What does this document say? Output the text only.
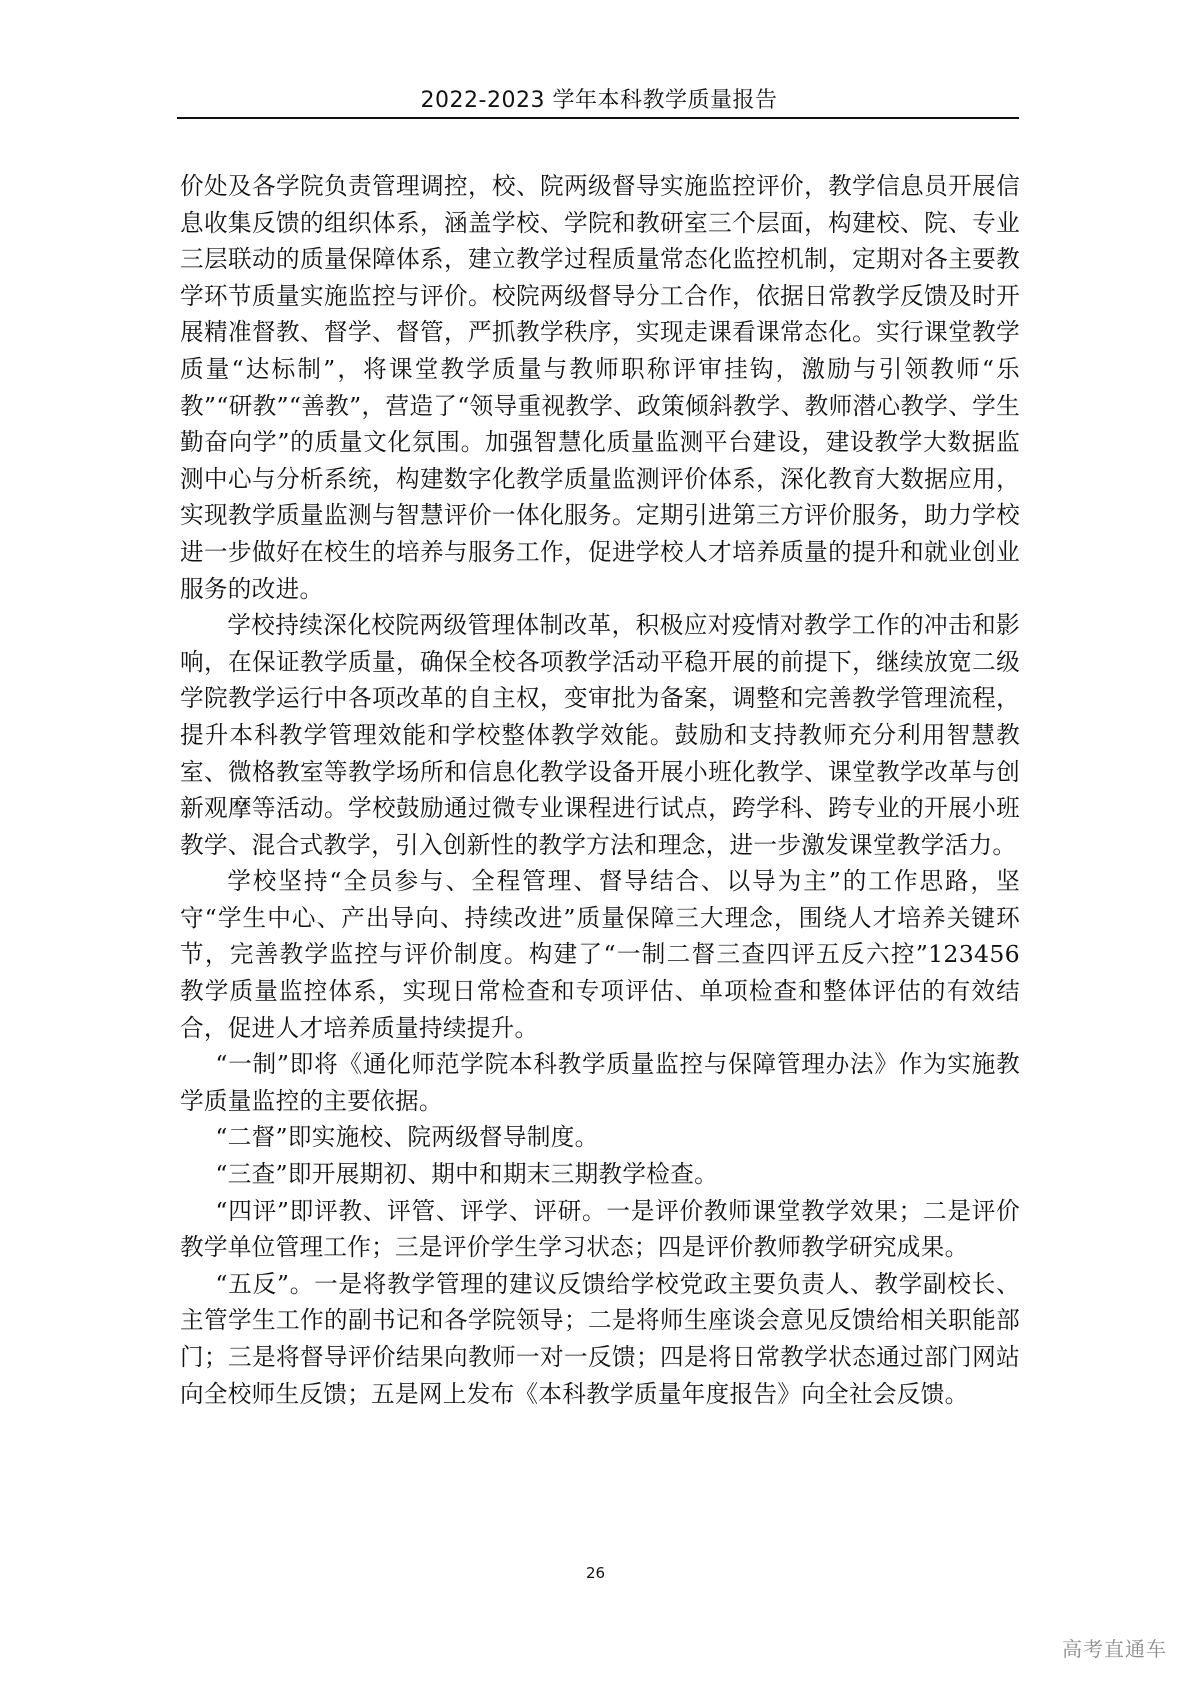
2022-2023 学年本科教学质量报告

价处及各学院负责管理调控，校、院两级督导实施监控评价，教学信息员开展信息收集反馈的组织体系，涵盖学校、学院和教研室三个层面，构建校、院、专业三层联动的质量保障体系，建立教学过程质量常态化监控机制，定期对各主要教学环节质量实施监控与评价。校院两级督导分工合作，依据日常教学反馈及时开展精准督教、督学、督管，严抓教学秩序，实现走课看课常态化。实行课堂教学质量“达标制”，将课堂教学质量与教师职称评审挂钩，激励与引领教师“乐教”“研教”“善教”，营造了“领导重视教学、政策倾斜教学、教师潜心教学、学生勤奋向学”的质量文化氛围。加强智慧化质量监测平台建设，建设教学大数据监测中心与分析系统，构建数字化教学质量监测评价体系，深化教育大数据应用，实现教学质量监测与智慧评价一体化服务。定期引进第三方评价服务，助力学校进一步做好在校生的培养与服务工作，促进学校人才培养质量的提升和就业创业服务的改进。

学校持续深化校院两级管理体制改革，积极应对疫情对教学工作的冲击和影响，在保证教学质量，确保全校各项教学活动平稳开展的前提下，继续放宽二级学院教学运行中各项改革的自主权，变审批为备案，调整和完善教学管理流程，提升本科教学管理效能和学校整体教学效能。鼓励和支持教师充分利用智慧教室、微格教室等教学场所和信息化教学设备开展小班化教学、课堂教学改革与创新观摩等活动。学校鼓励通过微专业课程进行试点，跨学科、跨专业的开展小班教学、混合式教学，引入创新性的教学方法和理念，进一步激发课堂教学活力。

学校坚持“全员参与、全程管理、督导结合、以导为主”的工作思路，坚守“学生中心、产出导向、持续改进”质量保障三大理念，围绕人才培养关键环节，完善教学监控与评价制度。构建了“一制二督三查四评五反六控”123456 教学质量监控体系，实现日常检查和专项评估、单项检查和整体评估的有效结合，促进人才培养质量持续提升。

“一制”即将《通化师范学院本科教学质量监控与保障管理办法》作为实施教学质量监控的主要依据。

“二督”即实施校、院两级督导制度。

“三查”即开展期初、期中和期末三期教学检查。

“四评”即评教、评管、评学、评研。一是评价教师课堂教学效果；二是评价教学单位管理工作；三是评价学生学习状态；四是评价教师教学研究成果。

“五反”。一是将教学管理的建议反馈给学校党政主要负责人、教学副校长、主管学生工作的副书记和各学院领导；二是将师生座谈会意见反馈给相关职能部门；三是将督导评价结果向教师一对一反馈；四是将日常教学状态通过部门网站向全校师生反馈；五是网上发布《本科教学质量年度报告》向全社会反馈。

26
高考直通车
